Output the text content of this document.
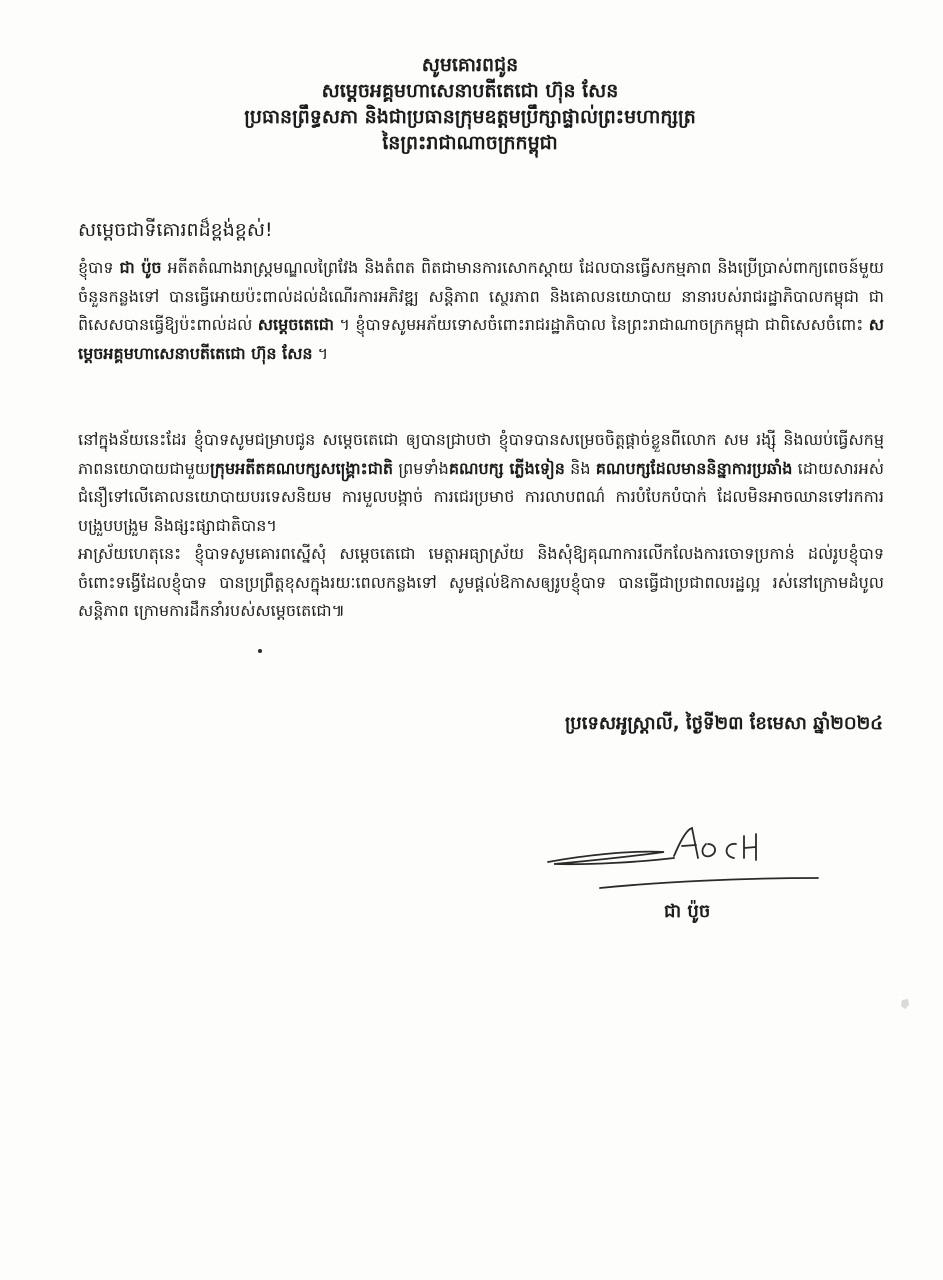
សូមគោរពជូន
សម្តេចអគ្គមហាសេនាបតីតេជោ ហ៊ុន សែន
ប្រធានព្រឹទ្ធសភា និងជាប្រធានក្រុមឧត្តមប្រឹក្សាផ្ទាល់ព្រះមហាក្សត្រ
នៃព្រះរាជាណាចក្រកម្ពុជា
សម្តេចជាទីគោរពដ៏ខ្ពង់ខ្ពស់!

ខ្ញុំបាទ ជា ប៉ូច អតីតតំណាងរាស្ត្រមណ្ឌលព្រៃវែង និងតំពត ពិតជាមានការសោកស្តាយ ដែលបានធ្វើសកម្មភាព និងប្រើប្រាស់ពាក្យពេចន៍មួយចំនួនកន្លងទៅ បានធ្វើអោយប៉ះពាល់ដល់ដំណើរការអភិវឌ្ឍ សន្តិភាព ស្ថេរភាព និងគោលនយោបាយ នានារបស់រាជរដ្ឋាភិបាលកម្ពុជា ជាពិសេសបានធ្វើឱ្យប៉ះពាល់ដល់ សម្តេចតេជោ ។ ខ្ញុំបាទសូមអភ័យទោសចំពោះរាជរដ្ឋាភិបាល នៃព្រះរាជាណាចក្រកម្ពុជា ជាពិសេសចំពោះ សម្តេចអគ្គមហាសេនាបតីតេជោ ហ៊ុន សែន ។

នៅក្នុងន័យនេះដែរ ខ្ញុំបាទសូមជម្រាបជូន សម្តេចតេជោ ឲ្យបានជ្រាបថា ខ្ញុំបាទបានសម្រេចចិត្តផ្តាច់ខ្លួនពីលោក សម រង្ស៊ី និងឈប់ធ្វើសកម្មភាពនយោបាយជាមួយក្រុមអតីតគណបក្សសង្គ្រោះជាតិ ព្រមទាំងគណបក្ស ភ្លើងទៀន និង គណបក្សដែលមាននិន្នាការប្រឆាំង ដោយសារអស់ជំនឿទៅលើគោលនយោបាយបរទេសនិយម ការមួលបង្កាច់ ការជេរប្រមាថ ការលាបពណ៌ ការបំបែកបំបាក់ ដែលមិនអាចឈានទៅរកការបង្រួបបង្រួម និងផ្សះផ្សាជាតិបាន។

អាស្រ័យហេតុនេះ ខ្ញុំបាទសូមគោរពស្នើសុំ សម្តេចតេជោ មេត្តាអធ្យាស្រ័យ និងសុំឱ្យគុណាការលើកលែងការចោទប្រកាន់ ដល់រូបខ្ញុំបាទ ចំពោះទង្វើដែលខ្ញុំបាទ បានប្រព្រឹត្តខុសក្នុងរយៈពេលកន្លងទៅ សូមផ្តល់ឱកាសឲ្យរូបខ្ញុំបាទ បានធ្វើជាប្រជាពលរដ្ឋល្អ រស់នៅក្រោមដំបូលសន្តិភាព ក្រោមការដឹកនាំរបស់សម្តេចតេជោ៕

ប្រទេសអូស្ត្រាលី, ថ្ងៃទី២៣ ខែមេសា ឆ្នាំ២០២៤
ជា ប៉ូច
